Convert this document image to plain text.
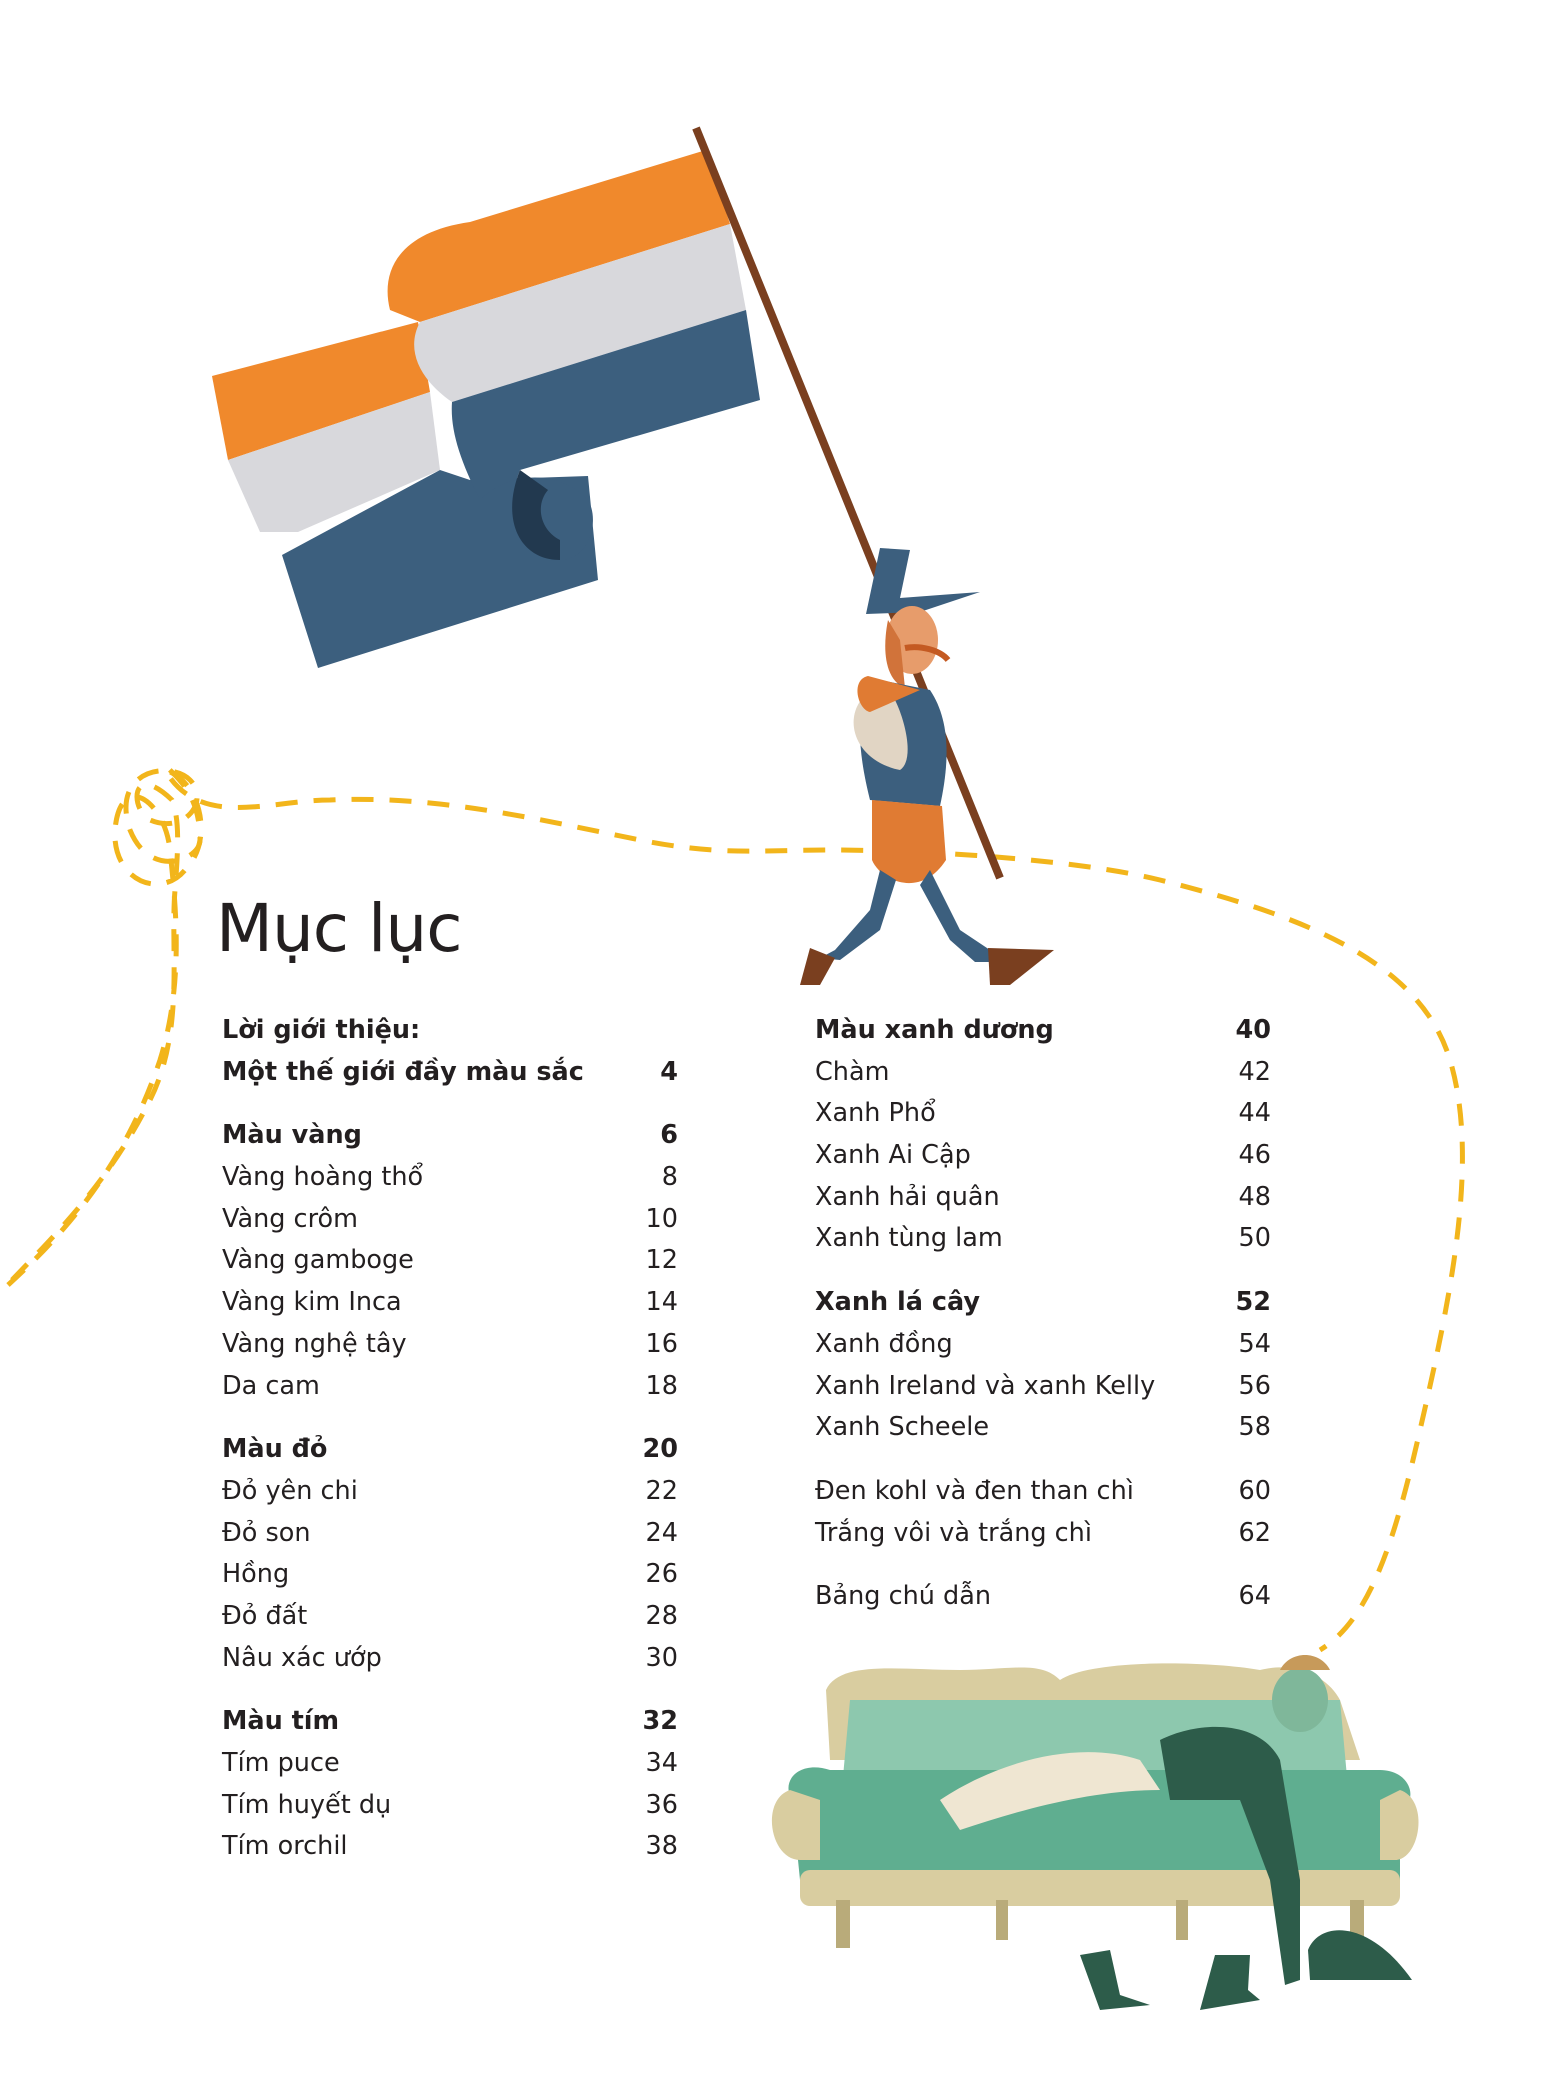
Mục lục
Lời giới thiệu:
Một thế giới đầy màu sắc	4
Màu vàng	6
Vàng hoàng thổ	8
Vàng crôm	10
Vàng gamboge	12
Vàng kim Inca	14
Vàng nghệ tây	16
Da cam	18
Màu đỏ	20
Đỏ yên chi	22
Đỏ son	24
Hồng	26
Đỏ đất	28
Nâu xác ướp	30
Màu tím	32
Tím puce	34
Tím huyết dụ	36
Tím orchil	38
Màu xanh dương	40
Chàm	42
Xanh Phổ	44
Xanh Ai Cập	46
Xanh hải quân	48
Xanh tùng lam	50
Xanh lá cây	52
Xanh đồng	54
Xanh Ireland và xanh Kelly	56
Xanh Scheele	58
Đen kohl và đen than chì	60
Trắng vôi và trắng chì	62
Bảng chú dẫn	64
